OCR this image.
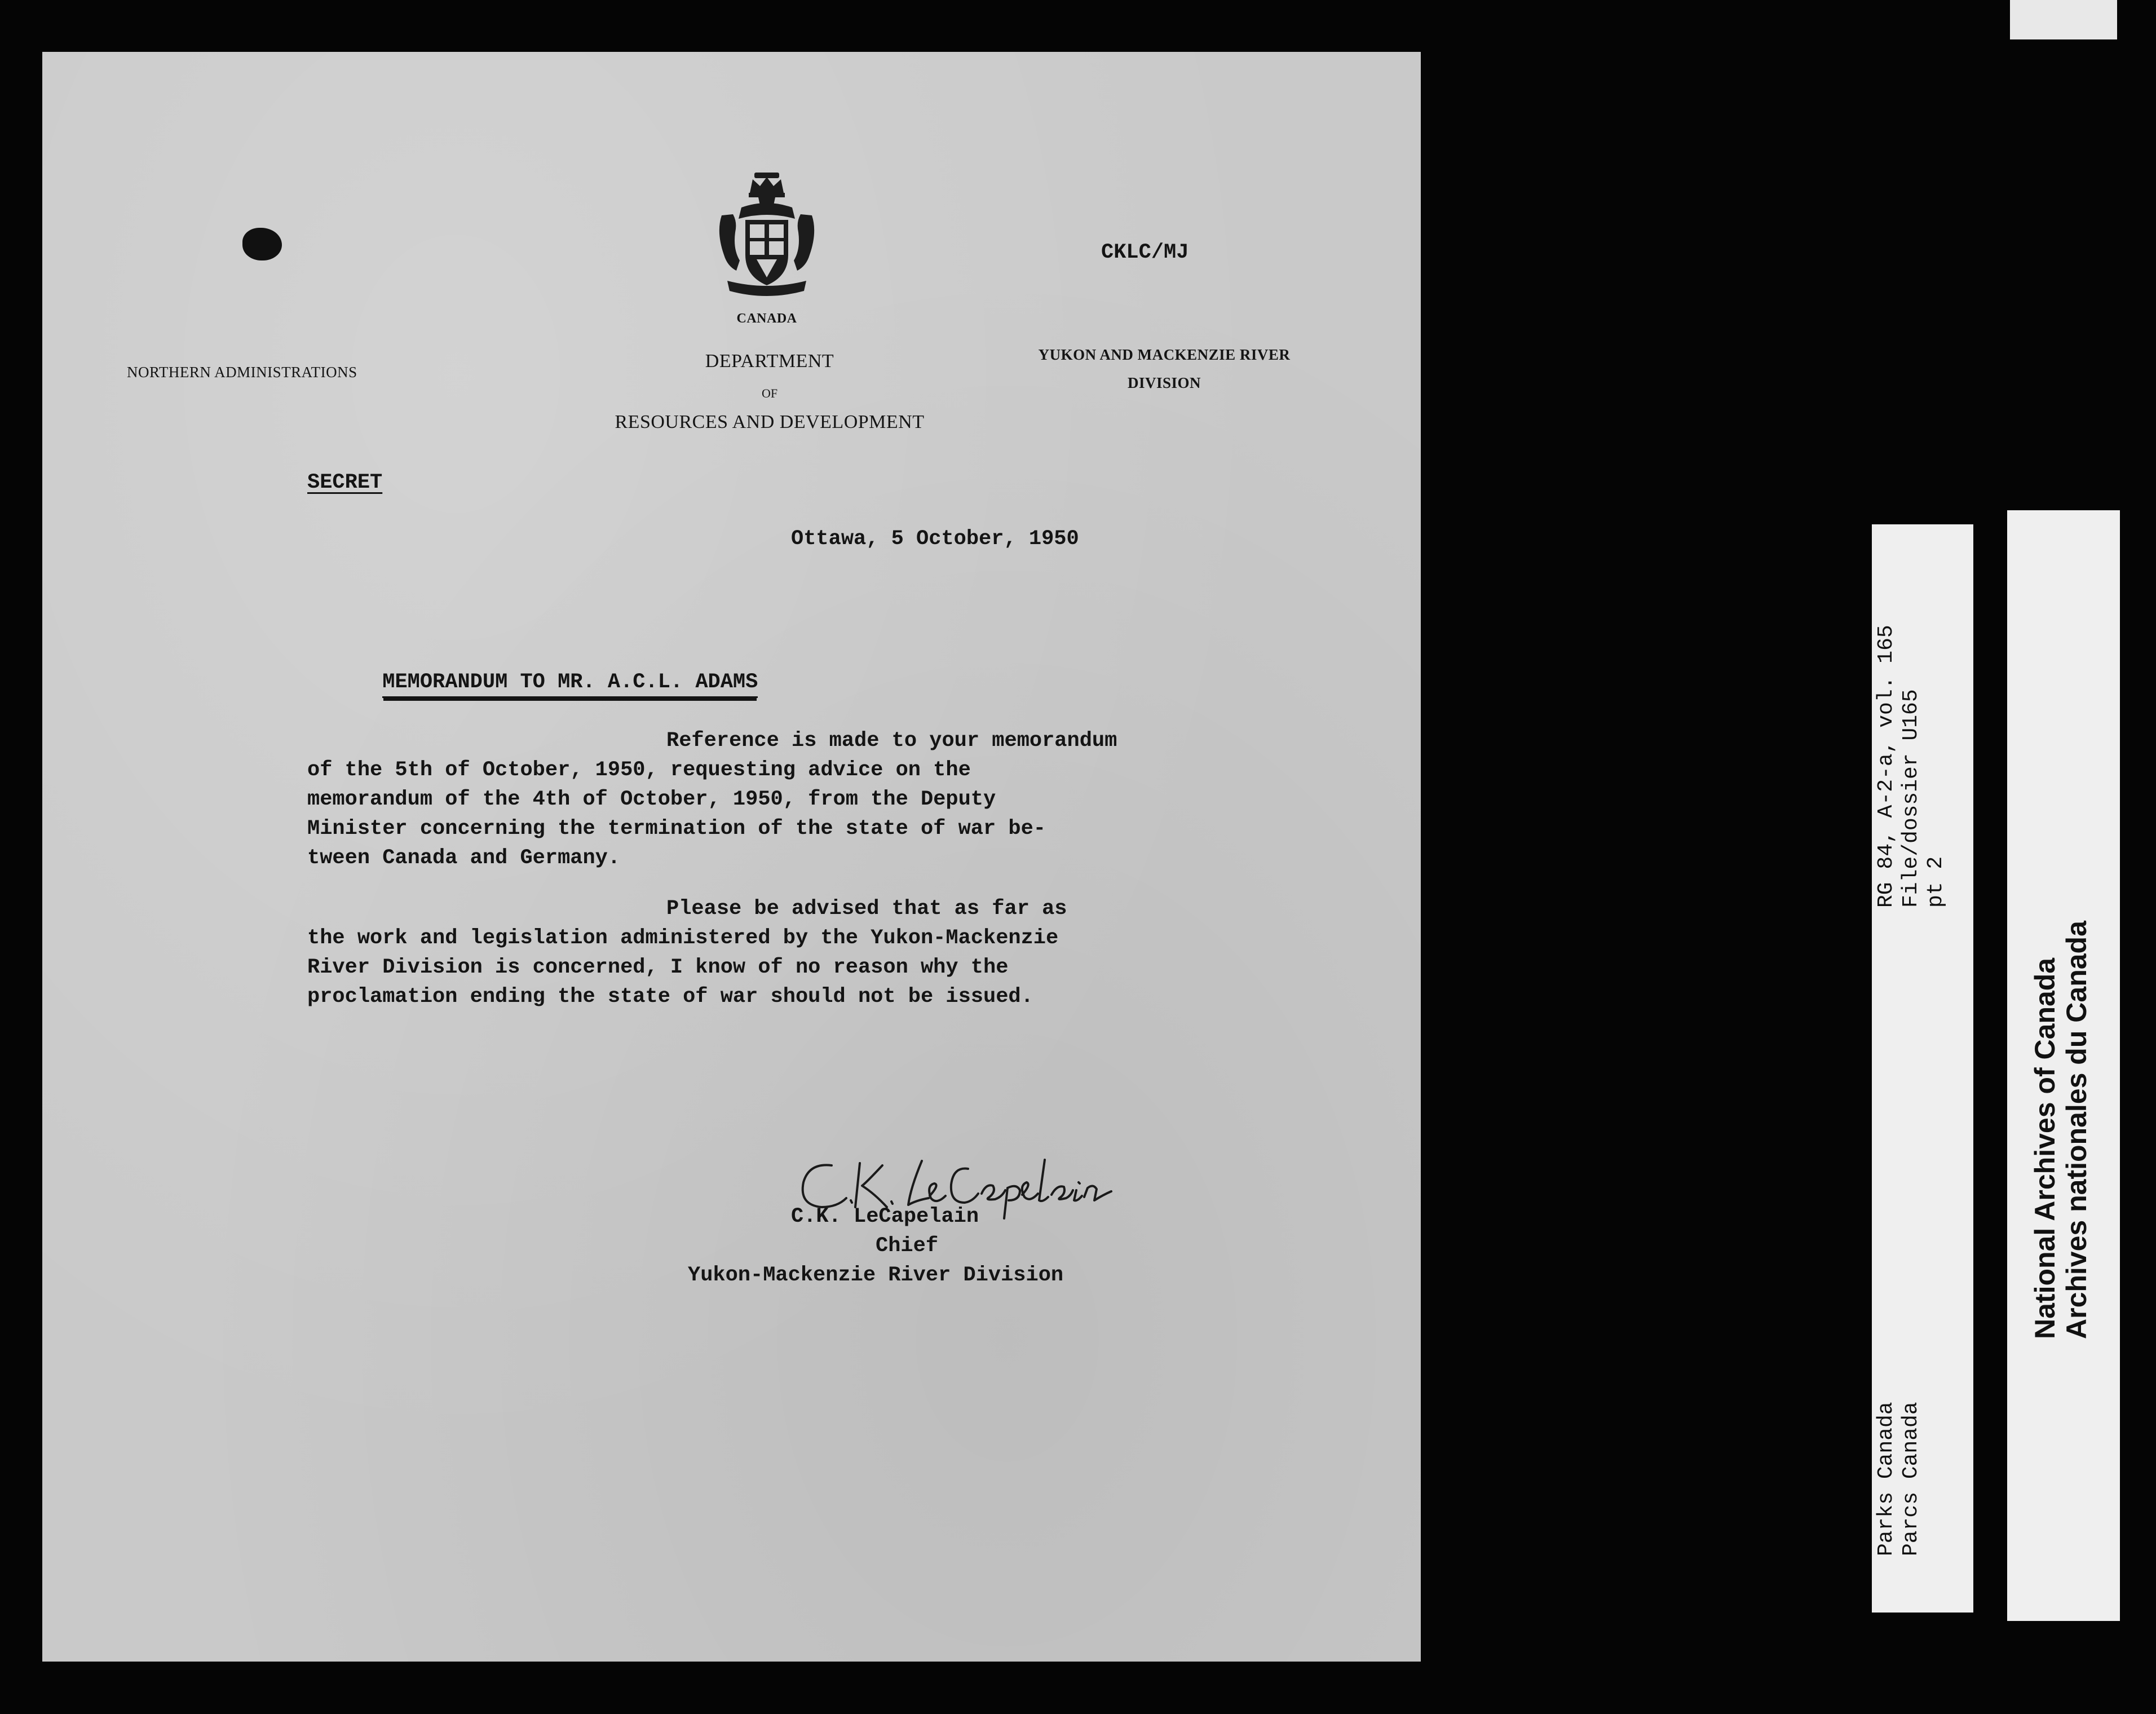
CANADA
NORTHERN ADMINISTRATIONS
DEPARTMENT
OF
RESOURCES AND DEVELOPMENT
YUKON AND MACKENZIE RIVER
DIVISION
CKLC/MJ
SECRET
Ottawa, 5 October, 1950

MEMORANDUM TO MR. A.C.L. ADAMS

Reference is made to your memorandum
of the 5th of October, 1950, requesting advice on the
memorandum of the 4th of October, 1950, from the Deputy
Minister concerning the termination of the state of war be-
tween Canada and Germany.
Please be advised that as far as
the work and legislation administered by the Yukon-Mackenzie
River Division is concerned, I know of no reason why the
proclamation ending the state of war should not be issued.
C.K. LeCapelain
Chief
Yukon-Mackenzie River Division
RG 84, A-2-a, vol. 165 File/dossier U165 pt 2
Parks Canada Parcs Canada
National Archives of Canada Archives nationales du Canada
